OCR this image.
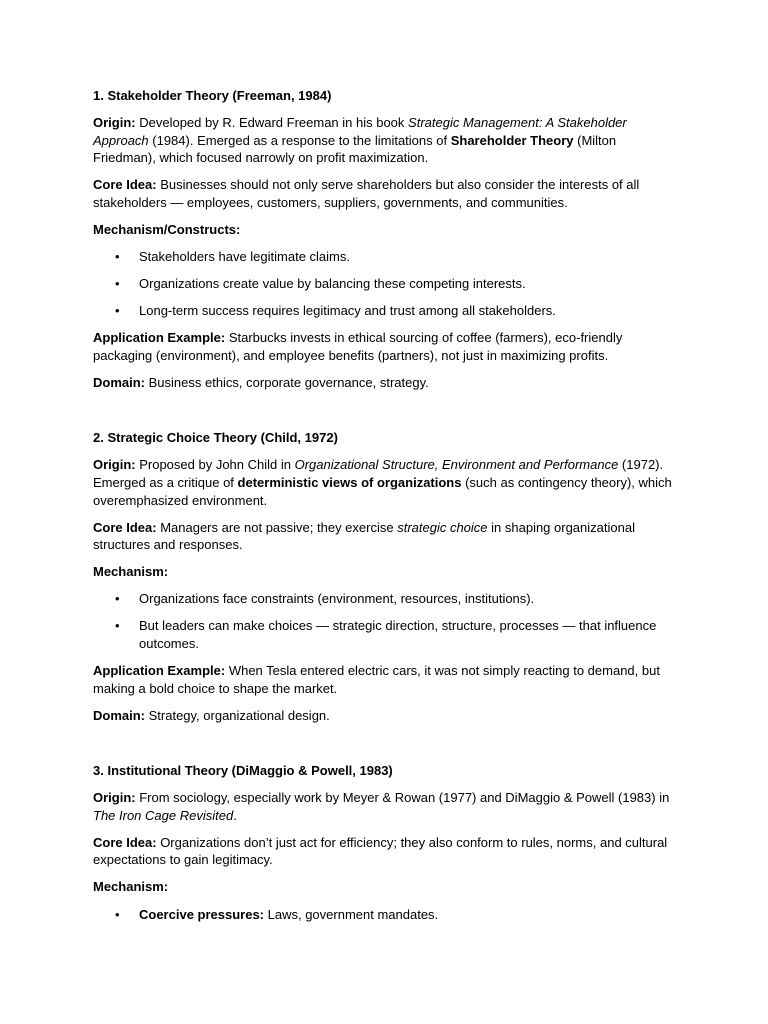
1. Stakeholder Theory (Freeman, 1984)

Origin: Developed by R. Edward Freeman in his book Strategic Management: A Stakeholder Approach (1984). Emerged as a response to the limitations of Shareholder Theory (Milton Friedman), which focused narrowly on profit maximization.

Core Idea: Businesses should not only serve shareholders but also consider the interests of all stakeholders — employees, customers, suppliers, governments, and communities.

Mechanism/Constructs:

• Stakeholders have legitimate claims.
• Organizations create value by balancing these competing interests.
• Long-term success requires legitimacy and trust among all stakeholders.

Application Example: Starbucks invests in ethical sourcing of coffee (farmers), eco-friendly packaging (environment), and employee benefits (partners), not just in maximizing profits.

Domain: Business ethics, corporate governance, strategy.

2. Strategic Choice Theory (Child, 1972)

Origin: Proposed by John Child in Organizational Structure, Environment and Performance (1972). Emerged as a critique of deterministic views of organizations (such as contingency theory), which overemphasized environment.

Core Idea: Managers are not passive; they exercise strategic choice in shaping organizational structures and responses.

Mechanism:

• Organizations face constraints (environment, resources, institutions).
• But leaders can make choices — strategic direction, structure, processes — that influence outcomes.

Application Example: When Tesla entered electric cars, it was not simply reacting to demand, but making a bold choice to shape the market.

Domain: Strategy, organizational design.

3. Institutional Theory (DiMaggio & Powell, 1983)

Origin: From sociology, especially work by Meyer & Rowan (1977) and DiMaggio & Powell (1983) in The Iron Cage Revisited.

Core Idea: Organizations don’t just act for efficiency; they also conform to rules, norms, and cultural expectations to gain legitimacy.

Mechanism:

• Coercive pressures: Laws, government mandates.
